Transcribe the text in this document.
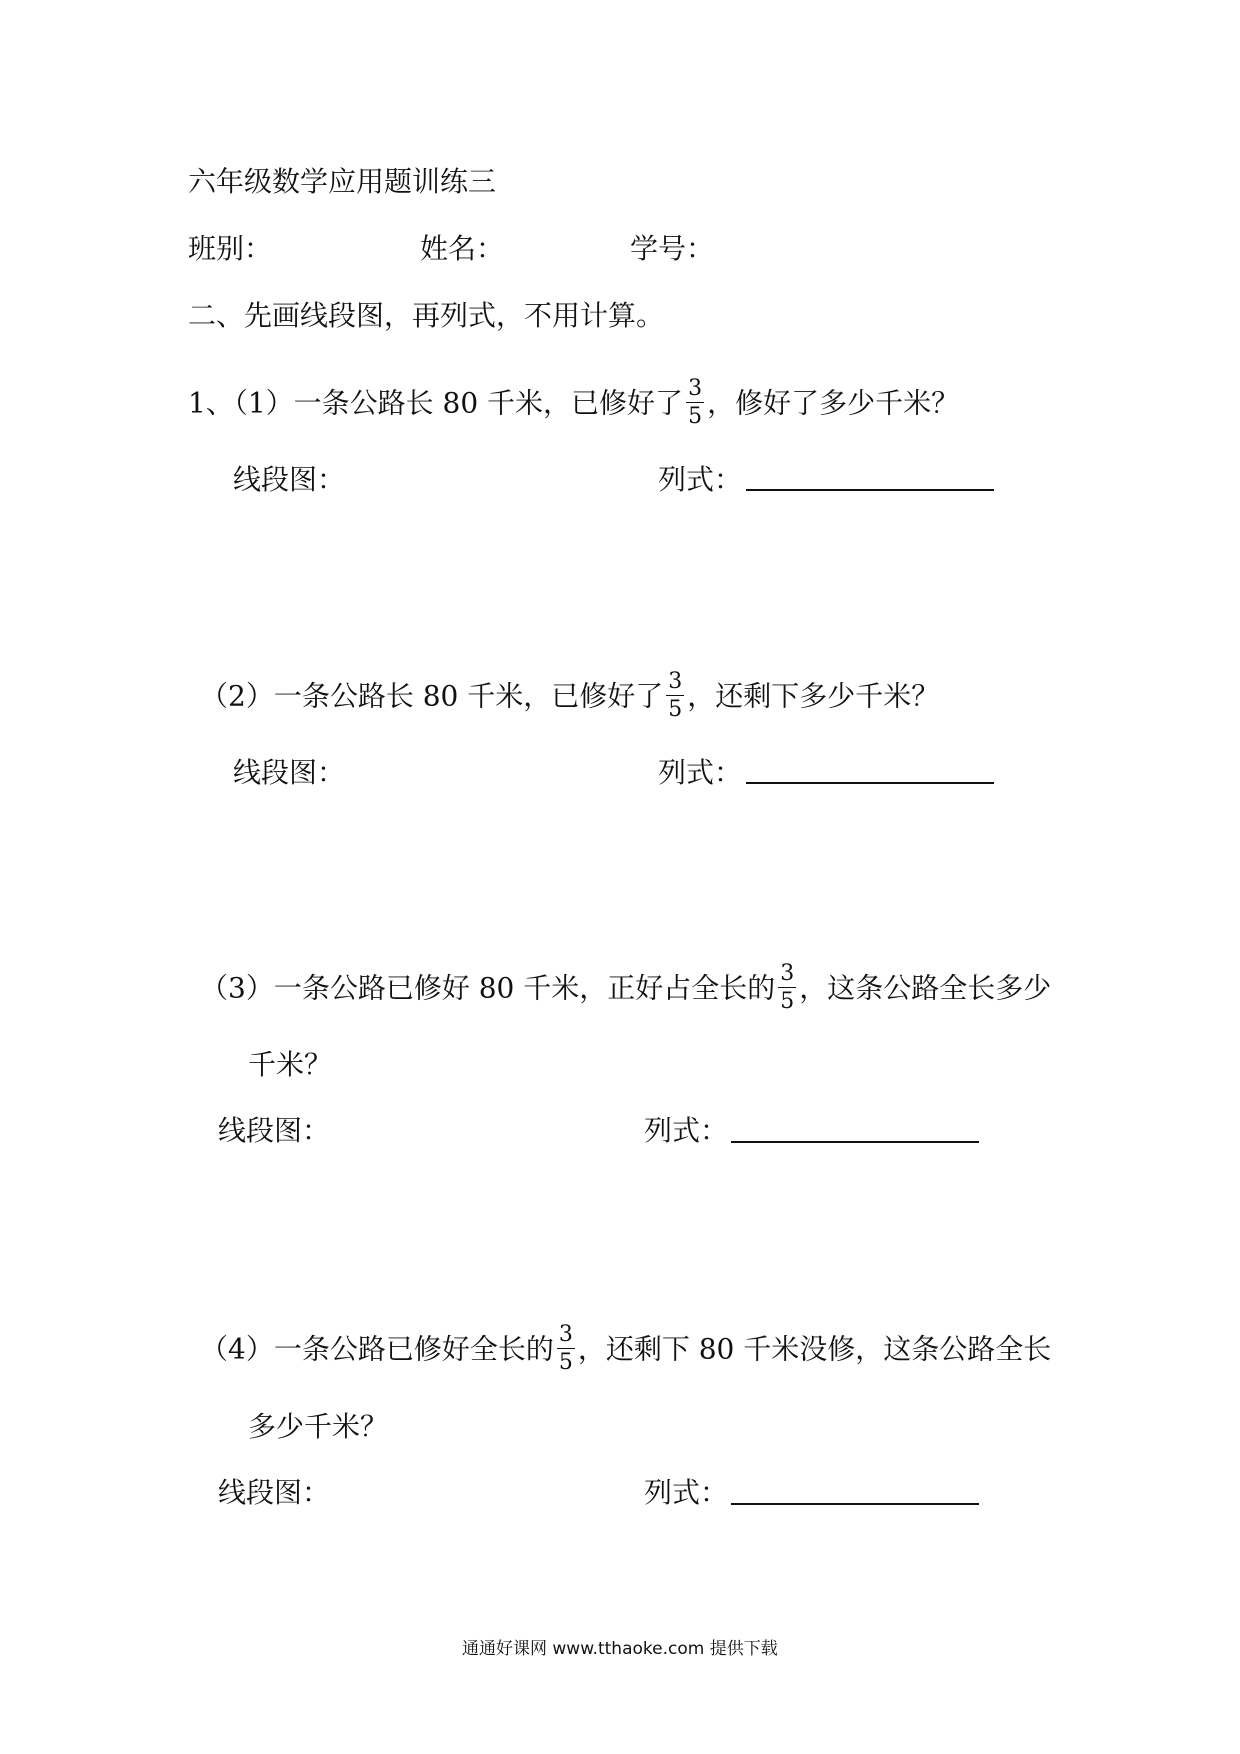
六年级数学应用题训练三
班别：	姓名：	学号：
二、先画线段图，再列式，不用计算。
1、（1）一条公路长 80 千米，已修好了 $\frac{3}{5}$ ，修好了多少千米？
线段图：	列式：
（2）一条公路长 80 千米，已修好了 $\frac{3}{5}$ ，还剩下多少千米？
线段图：	列式：
（3）一条公路已修好 80 千米，正好占全长的 $\frac{3}{5}$ ，这条公路全长多少
千米？
线段图：	列式：
（4）一条公路已修好全长的 $\frac{3}{5}$ ，还剩下 80 千米没修，这条公路全长
多少千米？
线段图：	列式：
通通好课网 www.tthaoke.com 提供下载
